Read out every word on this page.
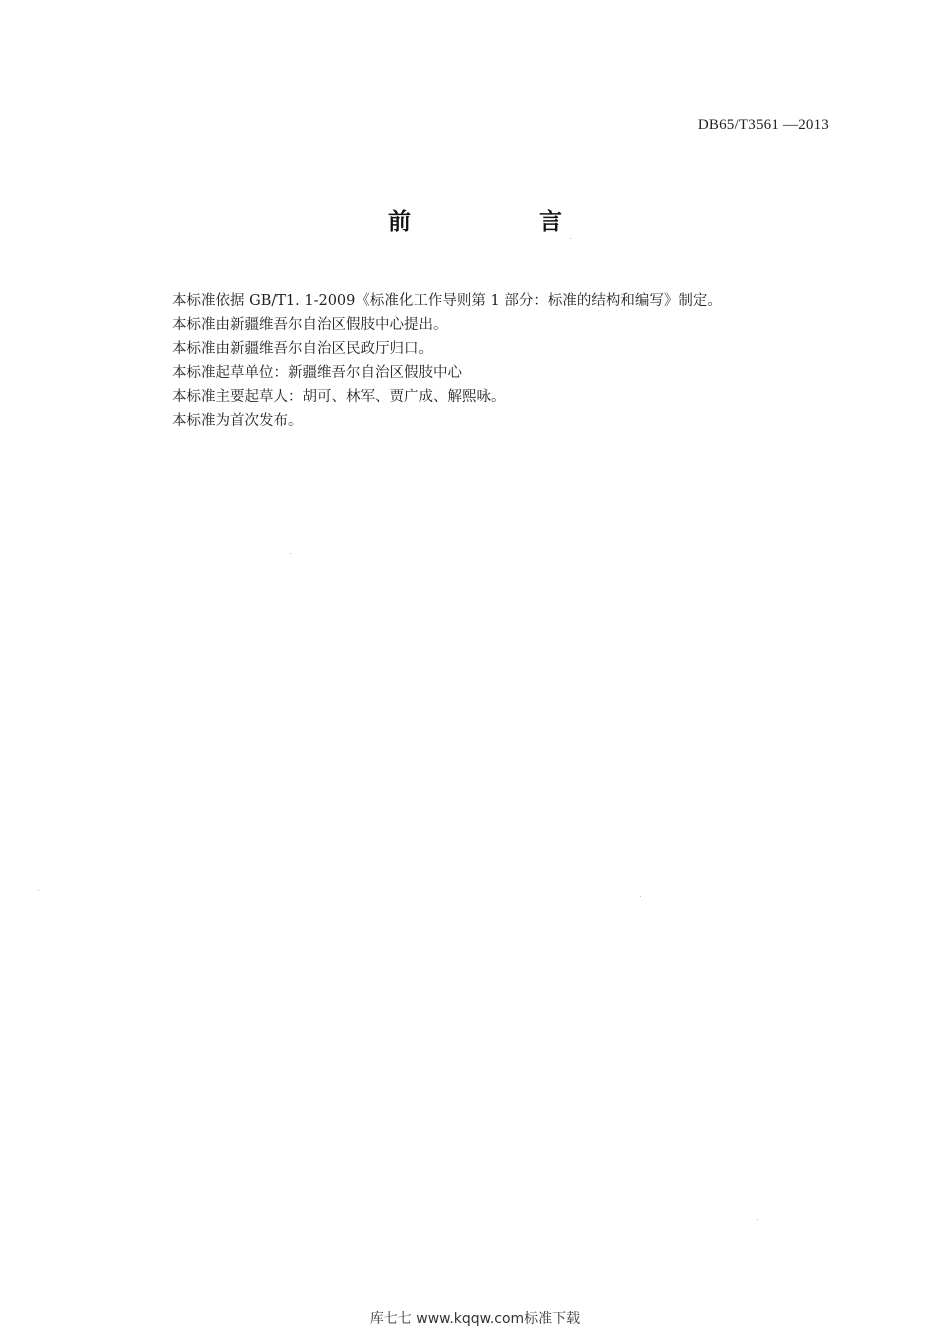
DB65/T3561 —2013
前 言
本标准依据 GB/T1. 1-2009《标准化工作导则第 1 部分：标准的结构和编写》制定。
本标准由新疆维吾尔自治区假肢中心提出。
本标准由新疆维吾尔自治区民政厅归口。
本标准起草单位：新疆维吾尔自治区假肢中心
本标准主要起草人：胡可、林军、贾广成、解熙咏。
本标准为首次发布。
库七七 www.kqqw.com标准下载
